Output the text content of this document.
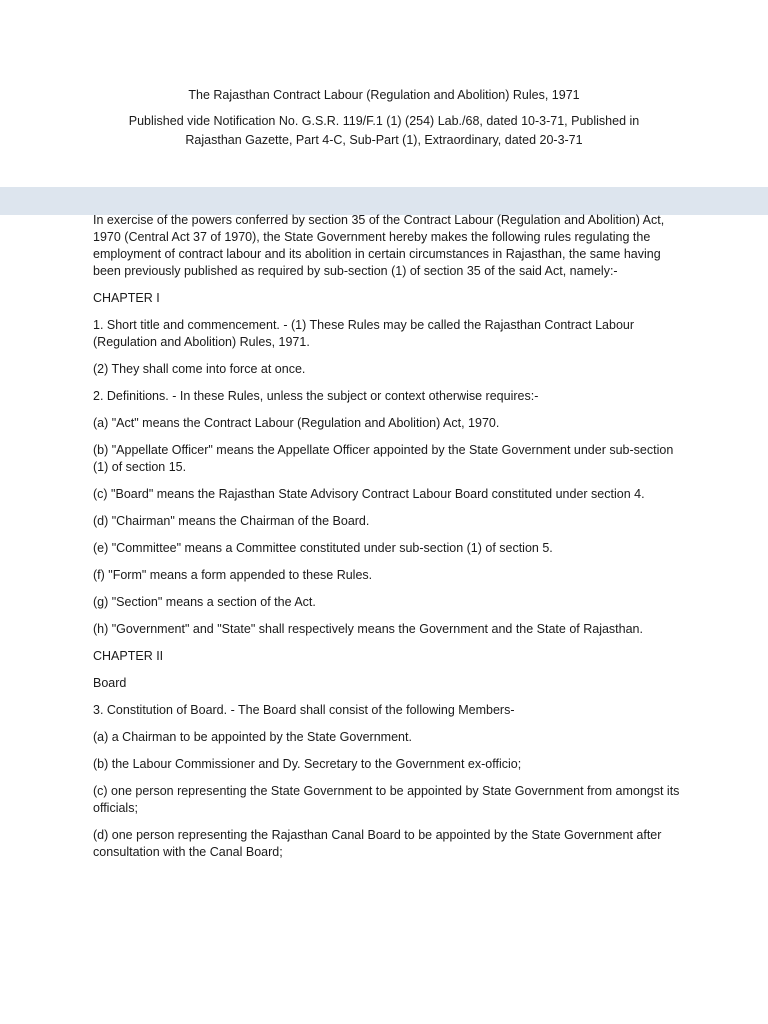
The Rajasthan Contract Labour (Regulation and Abolition) Rules, 1971

Published vide Notification No. G.S.R. 119/F.1 (1) (254) Lab./68, dated 10-3-71, Published in Rajasthan Gazette, Part 4-C, Sub-Part (1), Extraordinary, dated 20-3-71

In exercise of the powers conferred by section 35 of the Contract Labour (Regulation and Abolition) Act, 1970 (Central Act 37 of 1970), the State Government hereby makes the following rules regulating the employment of contract labour and its abolition in certain circumstances in Rajasthan, the same having been previously published as required by sub-section (1) of section 35 of the said Act, namely:-

CHAPTER I

1. Short title and commencement. - (1) These Rules may be called the Rajasthan Contract Labour (Regulation and Abolition) Rules, 1971.

(2) They shall come into force at once.

2. Definitions. - In these Rules, unless the subject or context otherwise requires:-

(a) "Act" means the Contract Labour (Regulation and Abolition) Act, 1970.

(b) "Appellate Officer" means the Appellate Officer appointed by the State Government under sub-section (1) of section 15.

(c) "Board" means the Rajasthan State Advisory Contract Labour Board constituted under section 4.

(d) "Chairman" means the Chairman of the Board.

(e) "Committee" means a Committee constituted under sub-section (1) of section 5.

(f) "Form" means a form appended to these Rules.

(g) "Section" means a section of the Act.

(h) "Government" and "State" shall respectively means the Government and the State of Rajasthan.

CHAPTER II

Board

3. Constitution of Board. - The Board shall consist of the following Members-

(a) a Chairman to be appointed by the State Government.

(b) the Labour Commissioner and Dy. Secretary to the Government ex-officio;

(c) one person representing the State Government to be appointed by State Government from amongst its officials;

(d) one person representing the Rajasthan Canal Board to be appointed by the State Government after consultation with the Canal Board;
